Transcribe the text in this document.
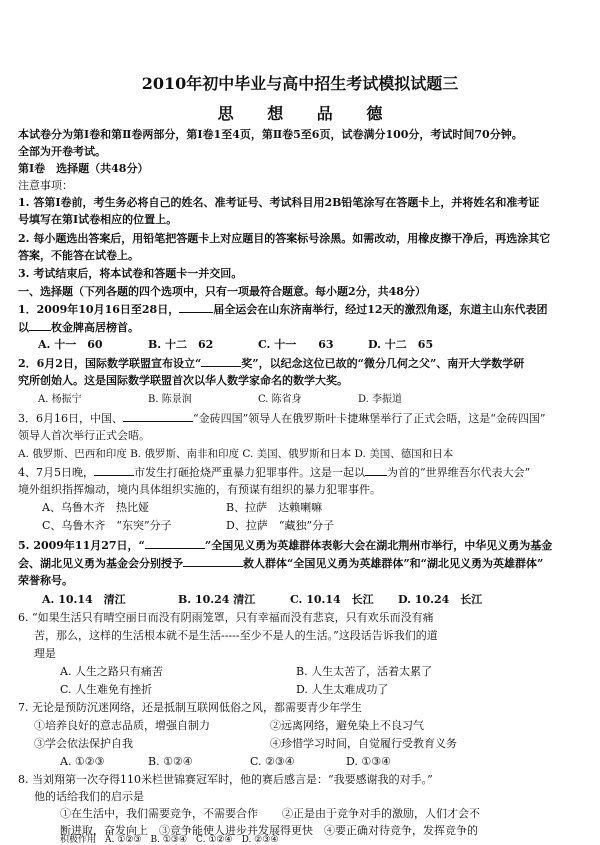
2010年初中毕业与高中招生考试模拟试题三
思 想 品 德
本试卷分为第Ⅰ卷和第Ⅱ卷两部分，第Ⅰ卷1至4页，第Ⅱ卷5至6页，试卷满分100分，考试时间70分钟。
全部为开卷考试。
第Ⅰ卷　选择题（共48分）
注意事项：
1. 答第Ⅰ卷前，考生务必将自己的姓名、准考证号、考试科目用2B铅笔涂写在答题卡上，并将姓名和准考证
号填写在第Ⅰ试卷相应的位置上。
2. 每小题选出答案后，用铅笔把答题卡上对应题目的答案标号涂黑。如需改动，用橡皮擦干净后，再选涂其它
答案，不能答在试卷上。
3. 考试结束后，将本试卷和答题卡一并交回。
一、选择题（下列各题的四个选项中，只有一项最符合题意。每小题2分，共48分）
1．2009年10月16日至28日，	届全运会在山东济南举行，经过12天的激烈角逐，东道主山东代表团
以 枚金牌高居榜首。
A. 十一　60	B. 十二　62	C. 十一　　63	D. 十二　65
2．6月2日，国际数学联盟宣布设立“	奖”，以纪念这位已故的“微分几何之父”、南开大学数学研
究所创始人。这是国际数学联盟首次以华人数学家命名的数学大奖。
A. 杨振宁	B. 陈景润	C. 陈省身	D. 李振道
3．6月16日，中国、	“金砖四国”领导人在俄罗斯叶卡捷琳堡举行了正式会晤，这是“金砖四国”
领导人首次举行正式会晤。
A. 俄罗斯、巴西和印度 B. 俄罗斯、南非和印度 C. 美国、俄罗斯和日本 D. 美国、德国和日本
4、7月5日晚，	市发生打砸抢烧严重暴力犯罪事件。这是一起以 为首的“世界维吾尔代表大会”
境外组织指挥煽动，境内具体组织实施的，有预谋有组织的暴力犯罪事件。
A、乌鲁木齐　热比娅	B、拉萨　达赖喇嘛
C、乌鲁木齐　“东突”分子	D、拉萨　“藏独”分子
5. 2009年11月27日，“	”全国见义勇为英雄群体表彰大会在湖北荆州市举行，中华见义勇为基金
会、湖北见义勇为基金会分别授予	救人群体“全国见义勇为英雄群体”和“湖北见义勇为英雄群体”
荣誉称号。
A. 10.14　清江	B. 10.24 清江	C. 10.14　长江 D. 10.24　长江
6. “如果生活只有晴空丽日而没有阴雨笼罩，只有幸福而没有悲哀，只有欢乐而没有痛
苦，那么，这样的生活根本就不是生活-----至少不是人的生活。”这段话告诉我们的道
理是
A. 人生之路只有痛苦	B. 人生太苦了，活着太累了
C. 人生难免有挫折	D. 人生太难成功了
7. 无论是预防沉迷网络，还是抵制互联网低俗之风，都需要青少年学生
①培养良好的意志品质，增强自制力	②远离网络，避免染上不良习气
③学会依法保护自我	④珍惜学习时间，自觉履行受教育义务
A. ①②③	B. ①②④	C. ②③④	D. ①③④
8. 当刘翔第一次夺得110米栏世锦赛冠军时，他的赛后感言是：“我要感谢我的对手。”
他的话给我们的启示是
①在生活中，我们需要竞争，不需要合作 ②正是由于竞争对手的激励，人们才会不
断进取，奋发向上　 ③竞争能使人进步并发展得更快　 ④要正确对待竞争，发挥竞争的
积极作用　 A. ①②③　 B. ①③④　 C. ①②④　 D. ②③④
